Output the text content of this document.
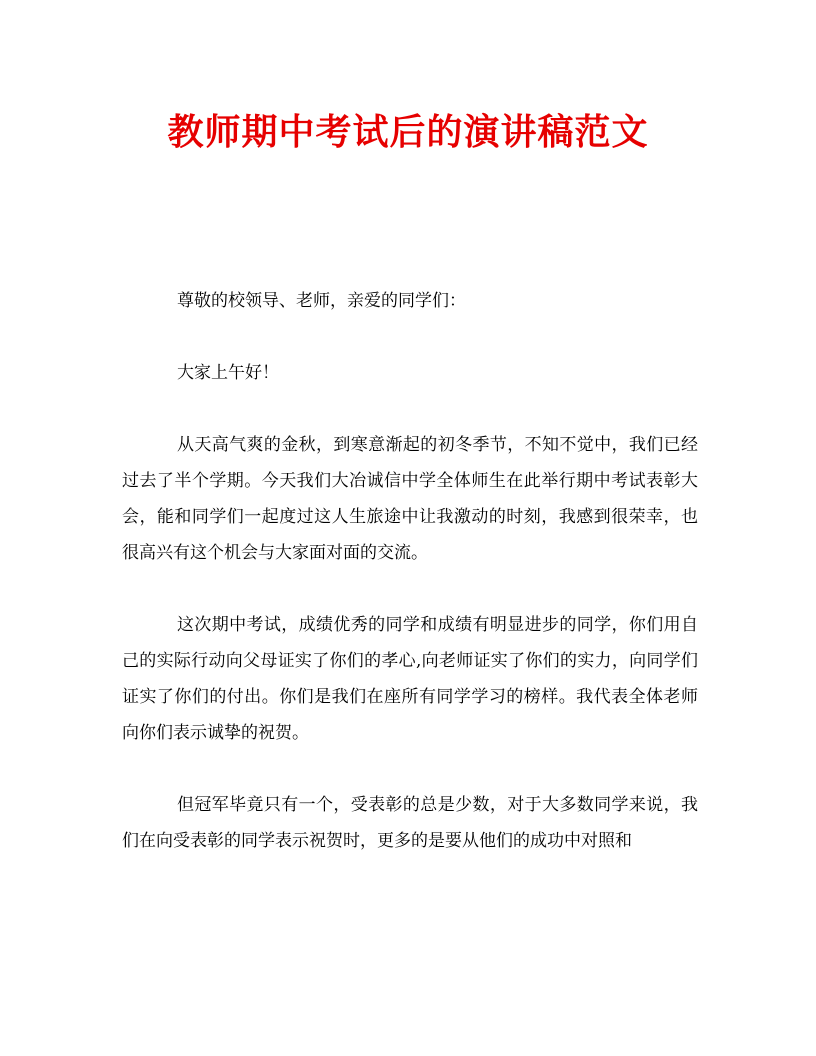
教师期中考试后的演讲稿范文

尊敬的校领导、老师，亲爱的同学们：

大家上午好！

从天高气爽的金秋，到寒意渐起的初冬季节，不知不觉中，我们已经过去了半个学期。今天我们大冶诚信中学全体师生在此举行期中考试表彰大会，能和同学们一起度过这人生旅途中让我激动的时刻，我感到很荣幸，也很高兴有这个机会与大家面对面的交流。

这次期中考试，成绩优秀的同学和成绩有明显进步的同学，你们用自己的实际行动向父母证实了你们的孝心,向老师证实了你们的实力，向同学们证实了你们的付出。你们是我们在座所有同学学习的榜样。我代表全体老师向你们表示诚挚的祝贺。

但冠军毕竟只有一个，受表彰的总是少数，对于大多数同学来说，我们在向受表彰的同学表示祝贺时，更多的是要从他们的成功中对照和
